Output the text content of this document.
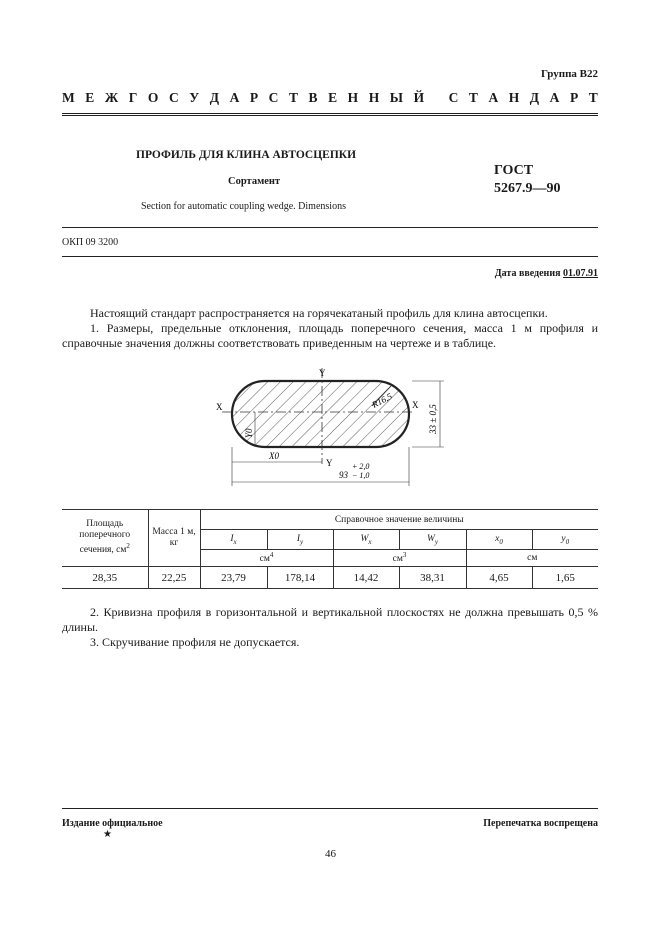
Группа В22
М Е Ж Г О С У Д А Р С Т В Е Н Н Ы Й
С Т А Н Д А Р Т
ПРОФИЛЬ ДЛЯ КЛИНА АВТОСЦЕПКИ
Сортамент
Section for automatic coupling wedge. Dimensions
ГОСТ
5267.9—90
ОКП 09 3200
Дата введения 01.07.91
Настоящий стандарт распространяется на горячекатаный профиль для клина автосцепки.
1. Размеры, предельные отклонения, площадь поперечного сечения, масса 1 м профиля и справочные значения должны соответствовать приведенным на чертеже и в таблице.
Y
Y
X	X
R16,5
33 ± 0,5
Y0
X0
93
+ 2,0
− 1,0
Площадь поперечного сечения, $см^2$	Масса 1 м, кг	Справочное значение величины					
		$I_x$	$I_y$	$W_x$	$W_y$	$x_0$	$y_0$
		$см^4$		$см^3$		см	
28,35	22,25	23,79	178,14	14,42	38,31	4,65	1,65
2. Кривизна профиля в горизонтальной и вертикальной плоскостях не должна превышать 0,5 % длины.
3. Скручивание профиля не допускается.
Издание официальное
★
Перепечатка воспрещена
46
